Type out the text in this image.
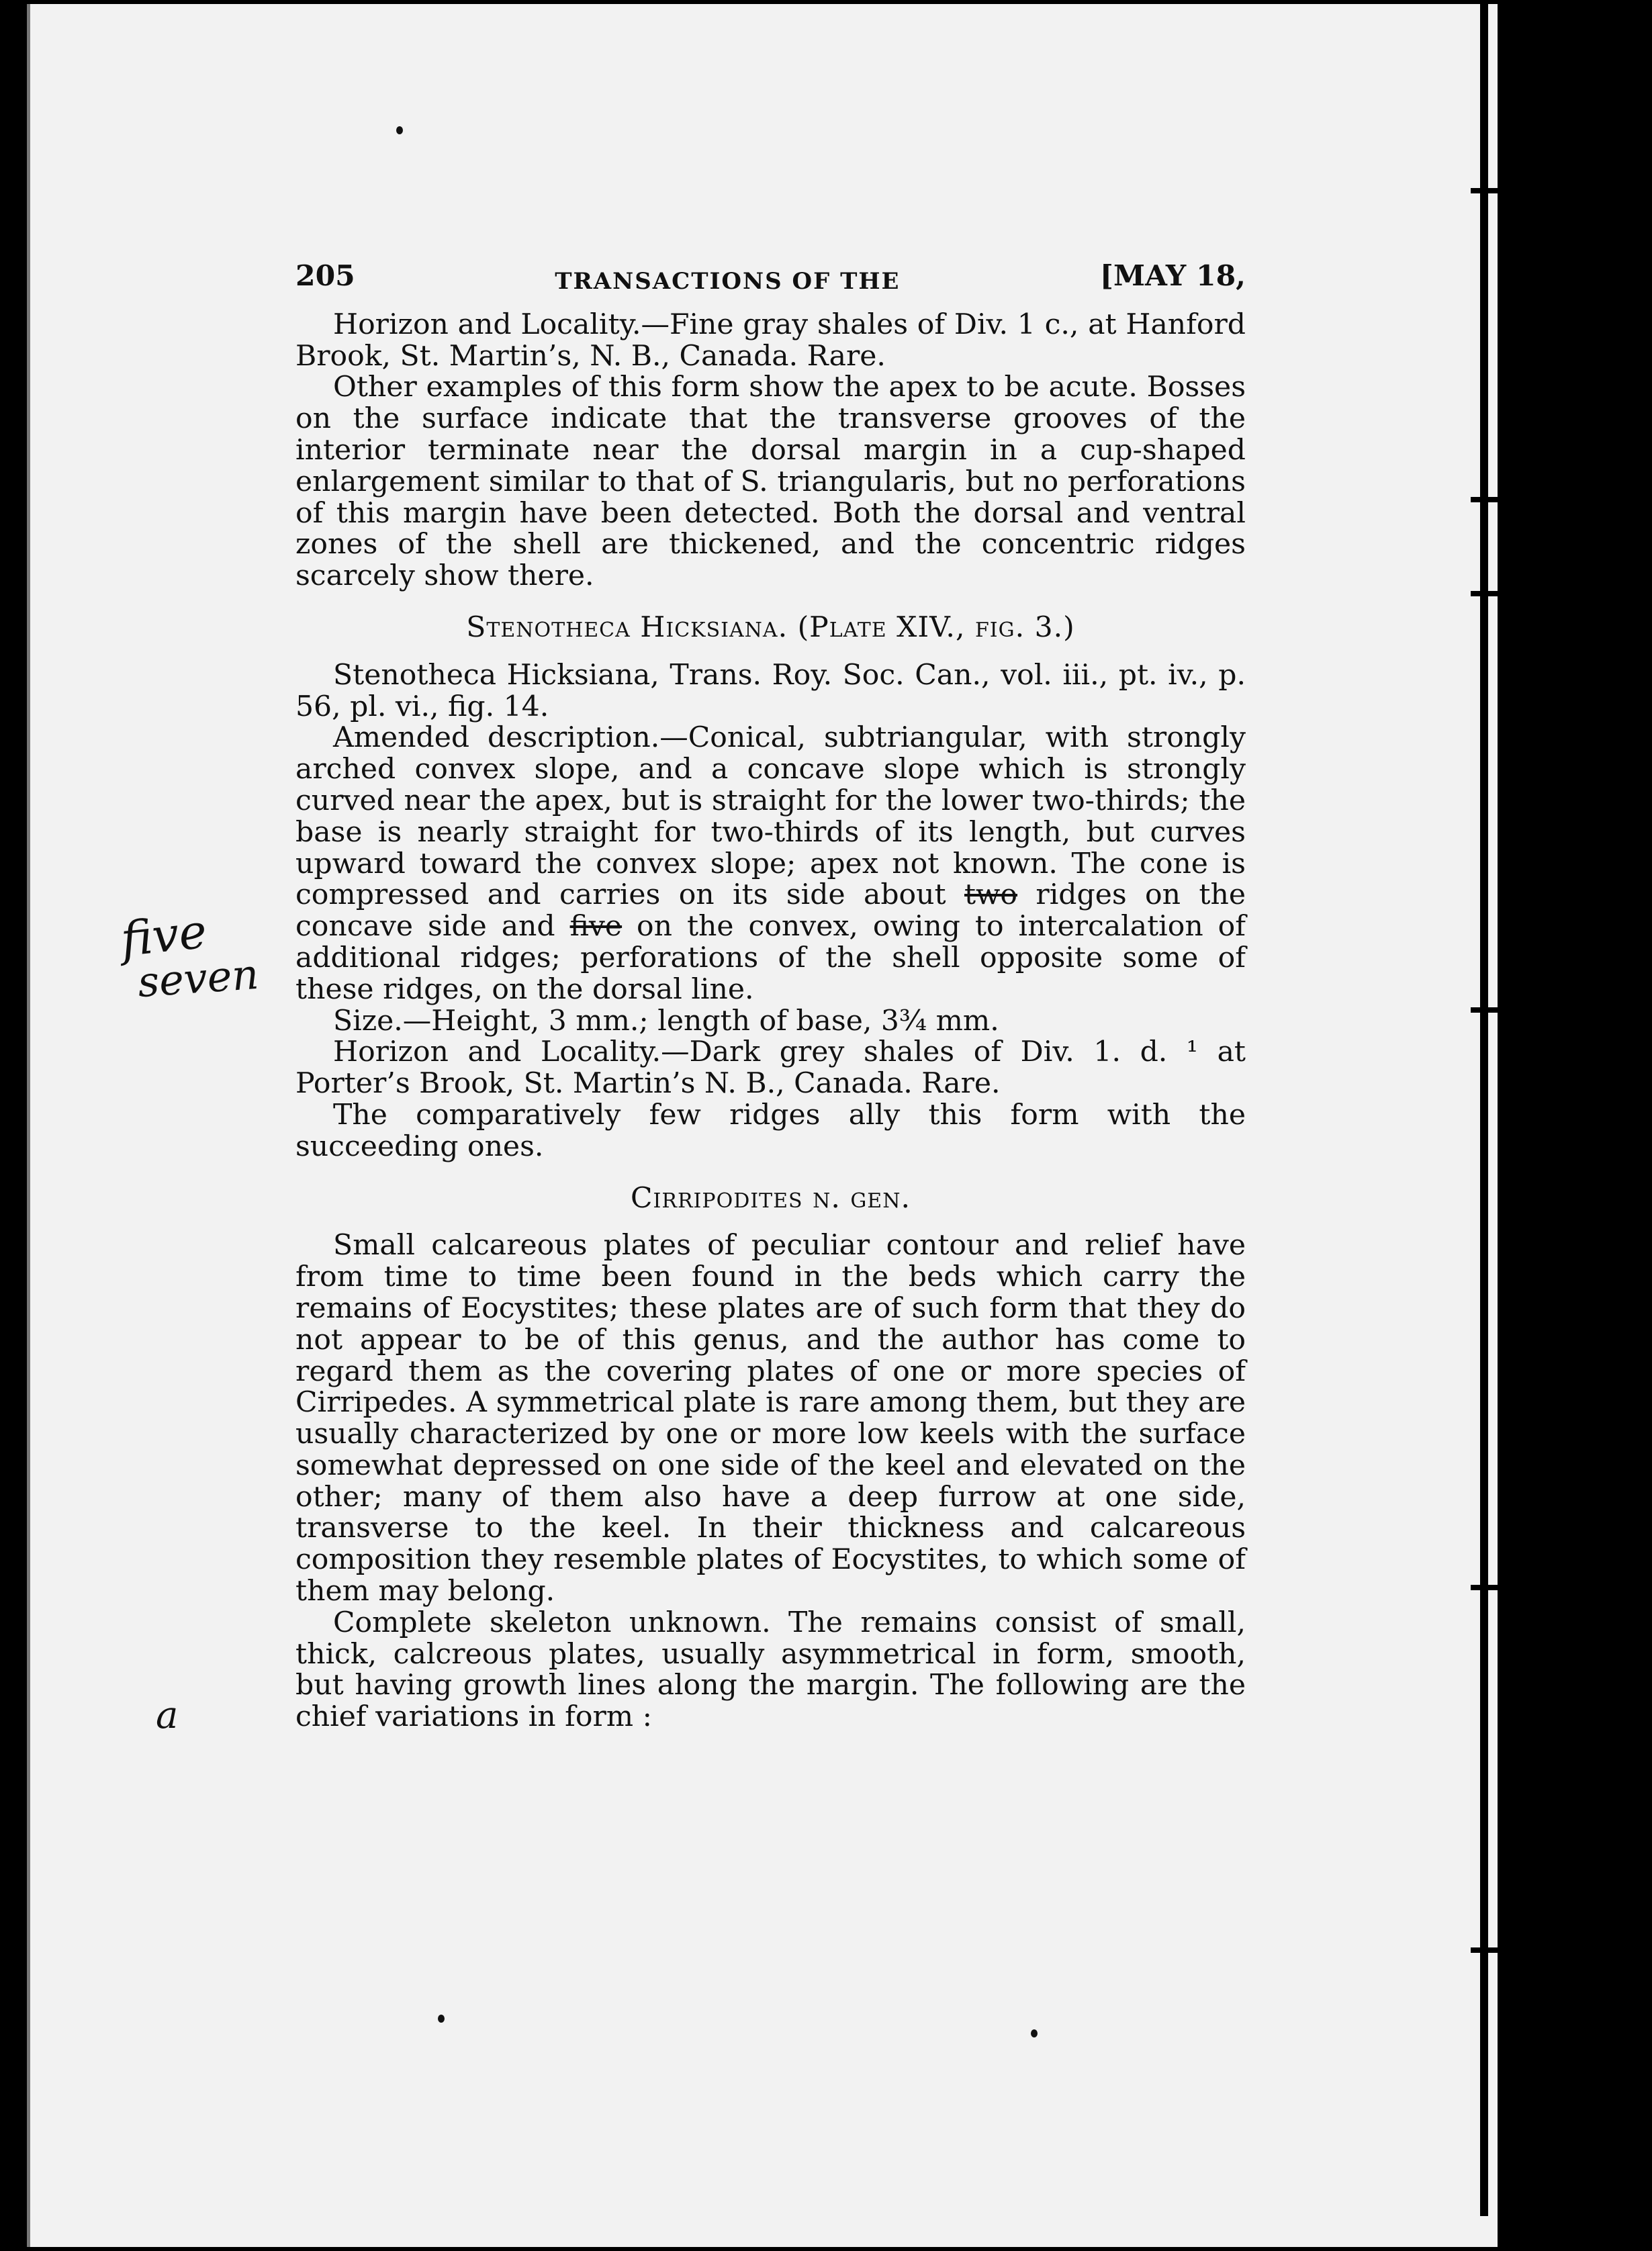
five
seven
a
205	TRANSACTIONS OF THE	[MAY 18,

Horizon and Locality.—Fine gray shales of Div. 1 c., at Hanford Brook, St. Martin’s, N. B., Canada. Rare.

Other examples of this form show the apex to be acute. Bosses on the surface indicate that the transverse grooves of the interior terminate near the dorsal margin in a cup-shaped enlargement similar to that of S. triangularis, but no perforations of this margin have been detected. Both the dorsal and ventral zones of the shell are thickened, and the concentric ridges scarcely show there.

Stenotheca Hicksiana. (Plate XIV., fig. 3.)

Stenotheca Hicksiana, Trans. Roy. Soc. Can., vol. iii., pt. iv., p. 56, pl. vi., fig. 14.

Amended description.—Conical, subtriangular, with strongly arched convex slope, and a concave slope which is strongly curved near the apex, but is straight for the lower two-thirds; the base is nearly straight for two-thirds of its length, but curves upward toward the convex slope; apex not known. The cone is compressed and carries on its side about two ridges on the concave side and five on the convex, owing to intercalation of additional ridges; perforations of the shell opposite some of these ridges, on the dorsal line.

Size.—Height, 3 mm.; length of base, 3¾ mm.

Horizon and Locality.—Dark grey shales of Div. 1. d. ¹ at Porter’s Brook, St. Martin’s N. B., Canada. Rare.

The comparatively few ridges ally this form with the succeeding ones.

Cirripodites n. gen.

Small calcareous plates of peculiar contour and relief have from time to time been found in the beds which carry the remains of Eocystites; these plates are of such form that they do not appear to be of this genus, and the author has come to regard them as the covering plates of one or more species of Cirripedes. A symmetrical plate is rare among them, but they are usually characterized by one or more low keels with the surface somewhat depressed on one side of the keel and elevated on the other; many of them also have a deep furrow at one side, transverse to the keel. In their thickness and calcareous composition they resemble plates of Eocystites, to which some of them may belong.

Complete skeleton unknown. The remains consist of small, thick, calcreous plates, usually asymmetrical in form, smooth, but having growth lines along the margin. The following are the chief variations in form :
